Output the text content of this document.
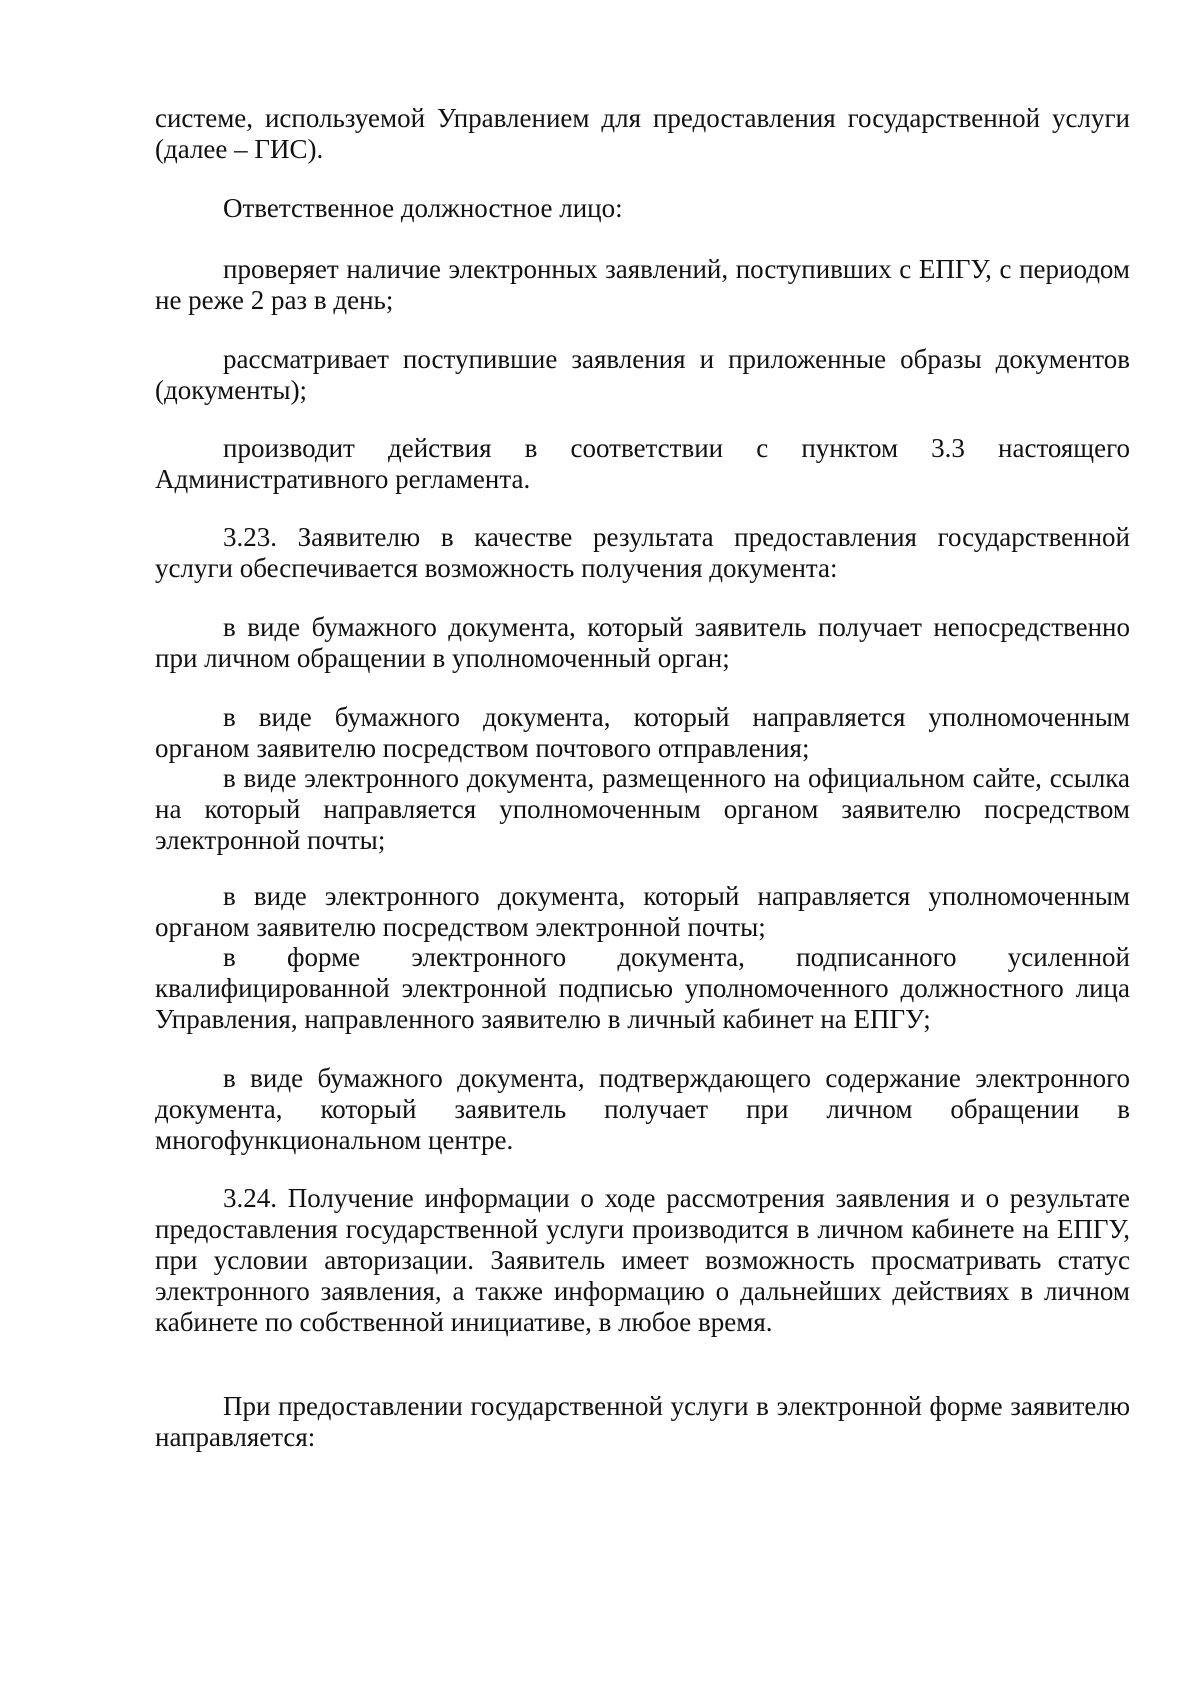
системе, используемой Управлением для предоставления государственной услуги (далее – ГИС).

Ответственное должностное лицо:

проверяет наличие электронных заявлений, поступивших с ЕПГУ, с периодом не реже 2 раз в день;

рассматривает поступившие заявления и приложенные образы документов (документы);

производит действия в соответствии с пунктом 3.3 настоящего Административного регламента.

3.23. Заявителю в качестве результата предоставления государственной услуги обеспечивается возможность получения документа:

в виде бумажного документа, который заявитель получает непосредственно при личном обращении в уполномоченный орган;

в виде бумажного документа, который направляется уполномоченным органом заявителю посредством почтового отправления;

в виде электронного документа, размещенного на официальном сайте, ссылка на который направляется уполномоченным органом заявителю посредством электронной почты;

в виде электронного документа, который направляется уполномоченным органом заявителю посредством электронной почты;

в форме электронного документа, подписанного усиленной квалифицированной электронной подписью уполномоченного должностного лица Управления, направленного заявителю в личный кабинет на ЕПГУ;

в виде бумажного документа, подтверждающего содержание электронного документа, который заявитель получает при личном обращении в многофункциональном центре.

3.24. Получение информации о ходе рассмотрения заявления и о результате предоставления государственной услуги производится в личном кабинете на ЕПГУ, при условии авторизации. Заявитель имеет возможность просматривать статус электронного заявления, а также информацию о дальнейших действиях в личном кабинете по собственной инициативе, в любое время.

При предоставлении государственной услуги в электронной форме заявителю направляется:
